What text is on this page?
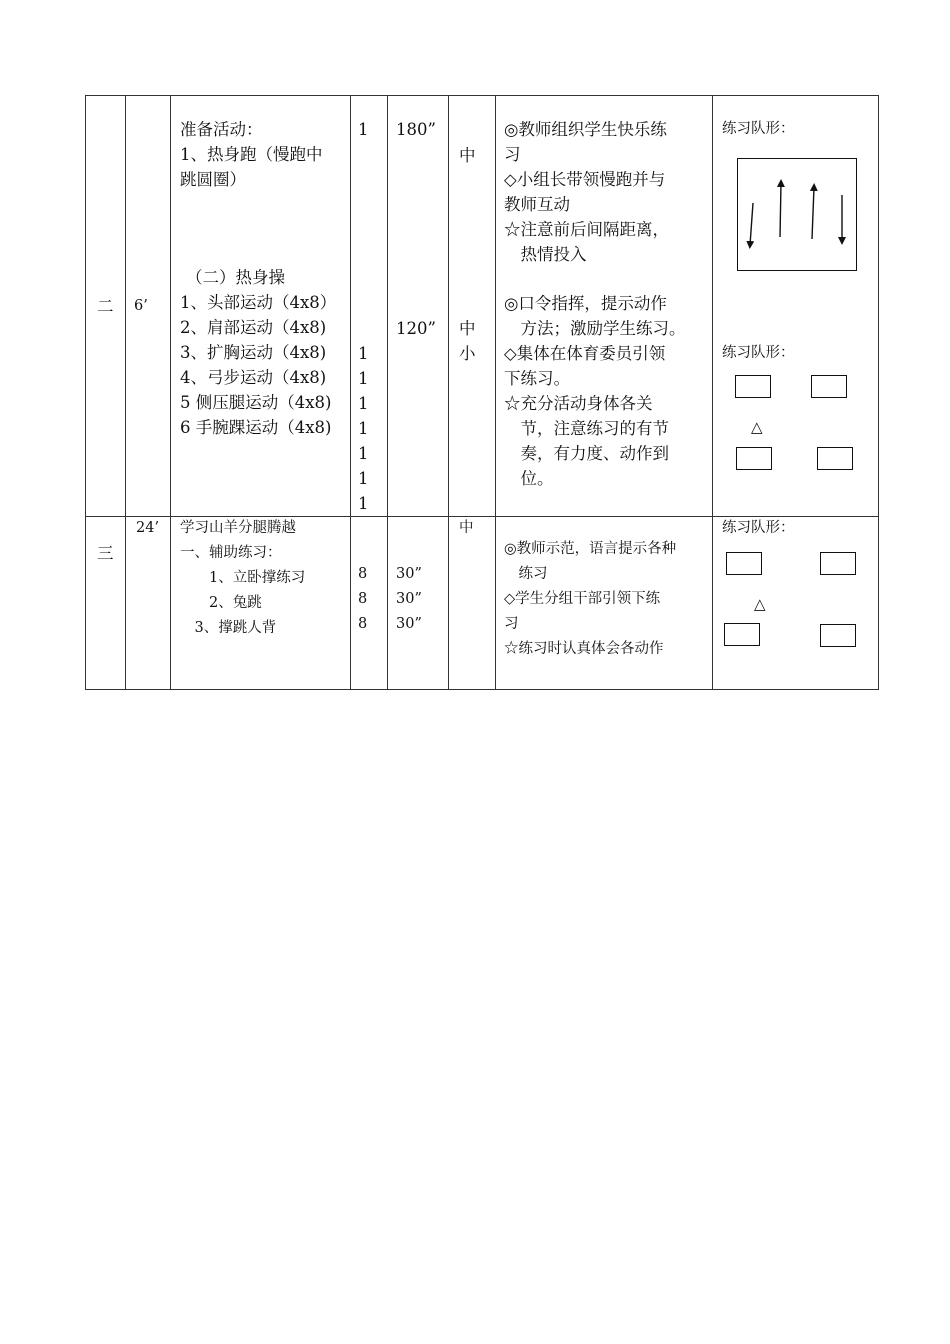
二 6’
准备活动：
1、热身跑（慢跑中
跳圆圈）
（二）热身操
1、头部运动（4x8）
2、肩部运动（4x8)
3、扩胸运动（4x8)
4、弓步运动（4x8)
5 侧压腿运动（4x8)
6 手腕踝运动（4x8)
1
1
1
1
1
1
1
1
180”
120”
中
中
小
◎教师组织学生快乐练
习
◇小组长带领慢跑并与
教师互动
☆注意前后间隔距离，
　热情投入
◎口令指挥，提示动作
　方法；激励学生练习。
◇集体在体育委员引领
下练习。
☆充分活动身体各关
　节，注意练习的有节
　奏，有力度、动作到
　位。
练习队形：
练习队形：
△
三
24’ 学习山羊分腿腾越
一、辅助练习：
　　1、立卧撑练习
　　2、兔跳
　3、撑跳人背
8
8
8
30”
30”
30”
中
◎教师示范，语言提示各种
　练习
◇学生分组干部引领下练
习
☆练习时认真体会各动作
练习队形：
△
